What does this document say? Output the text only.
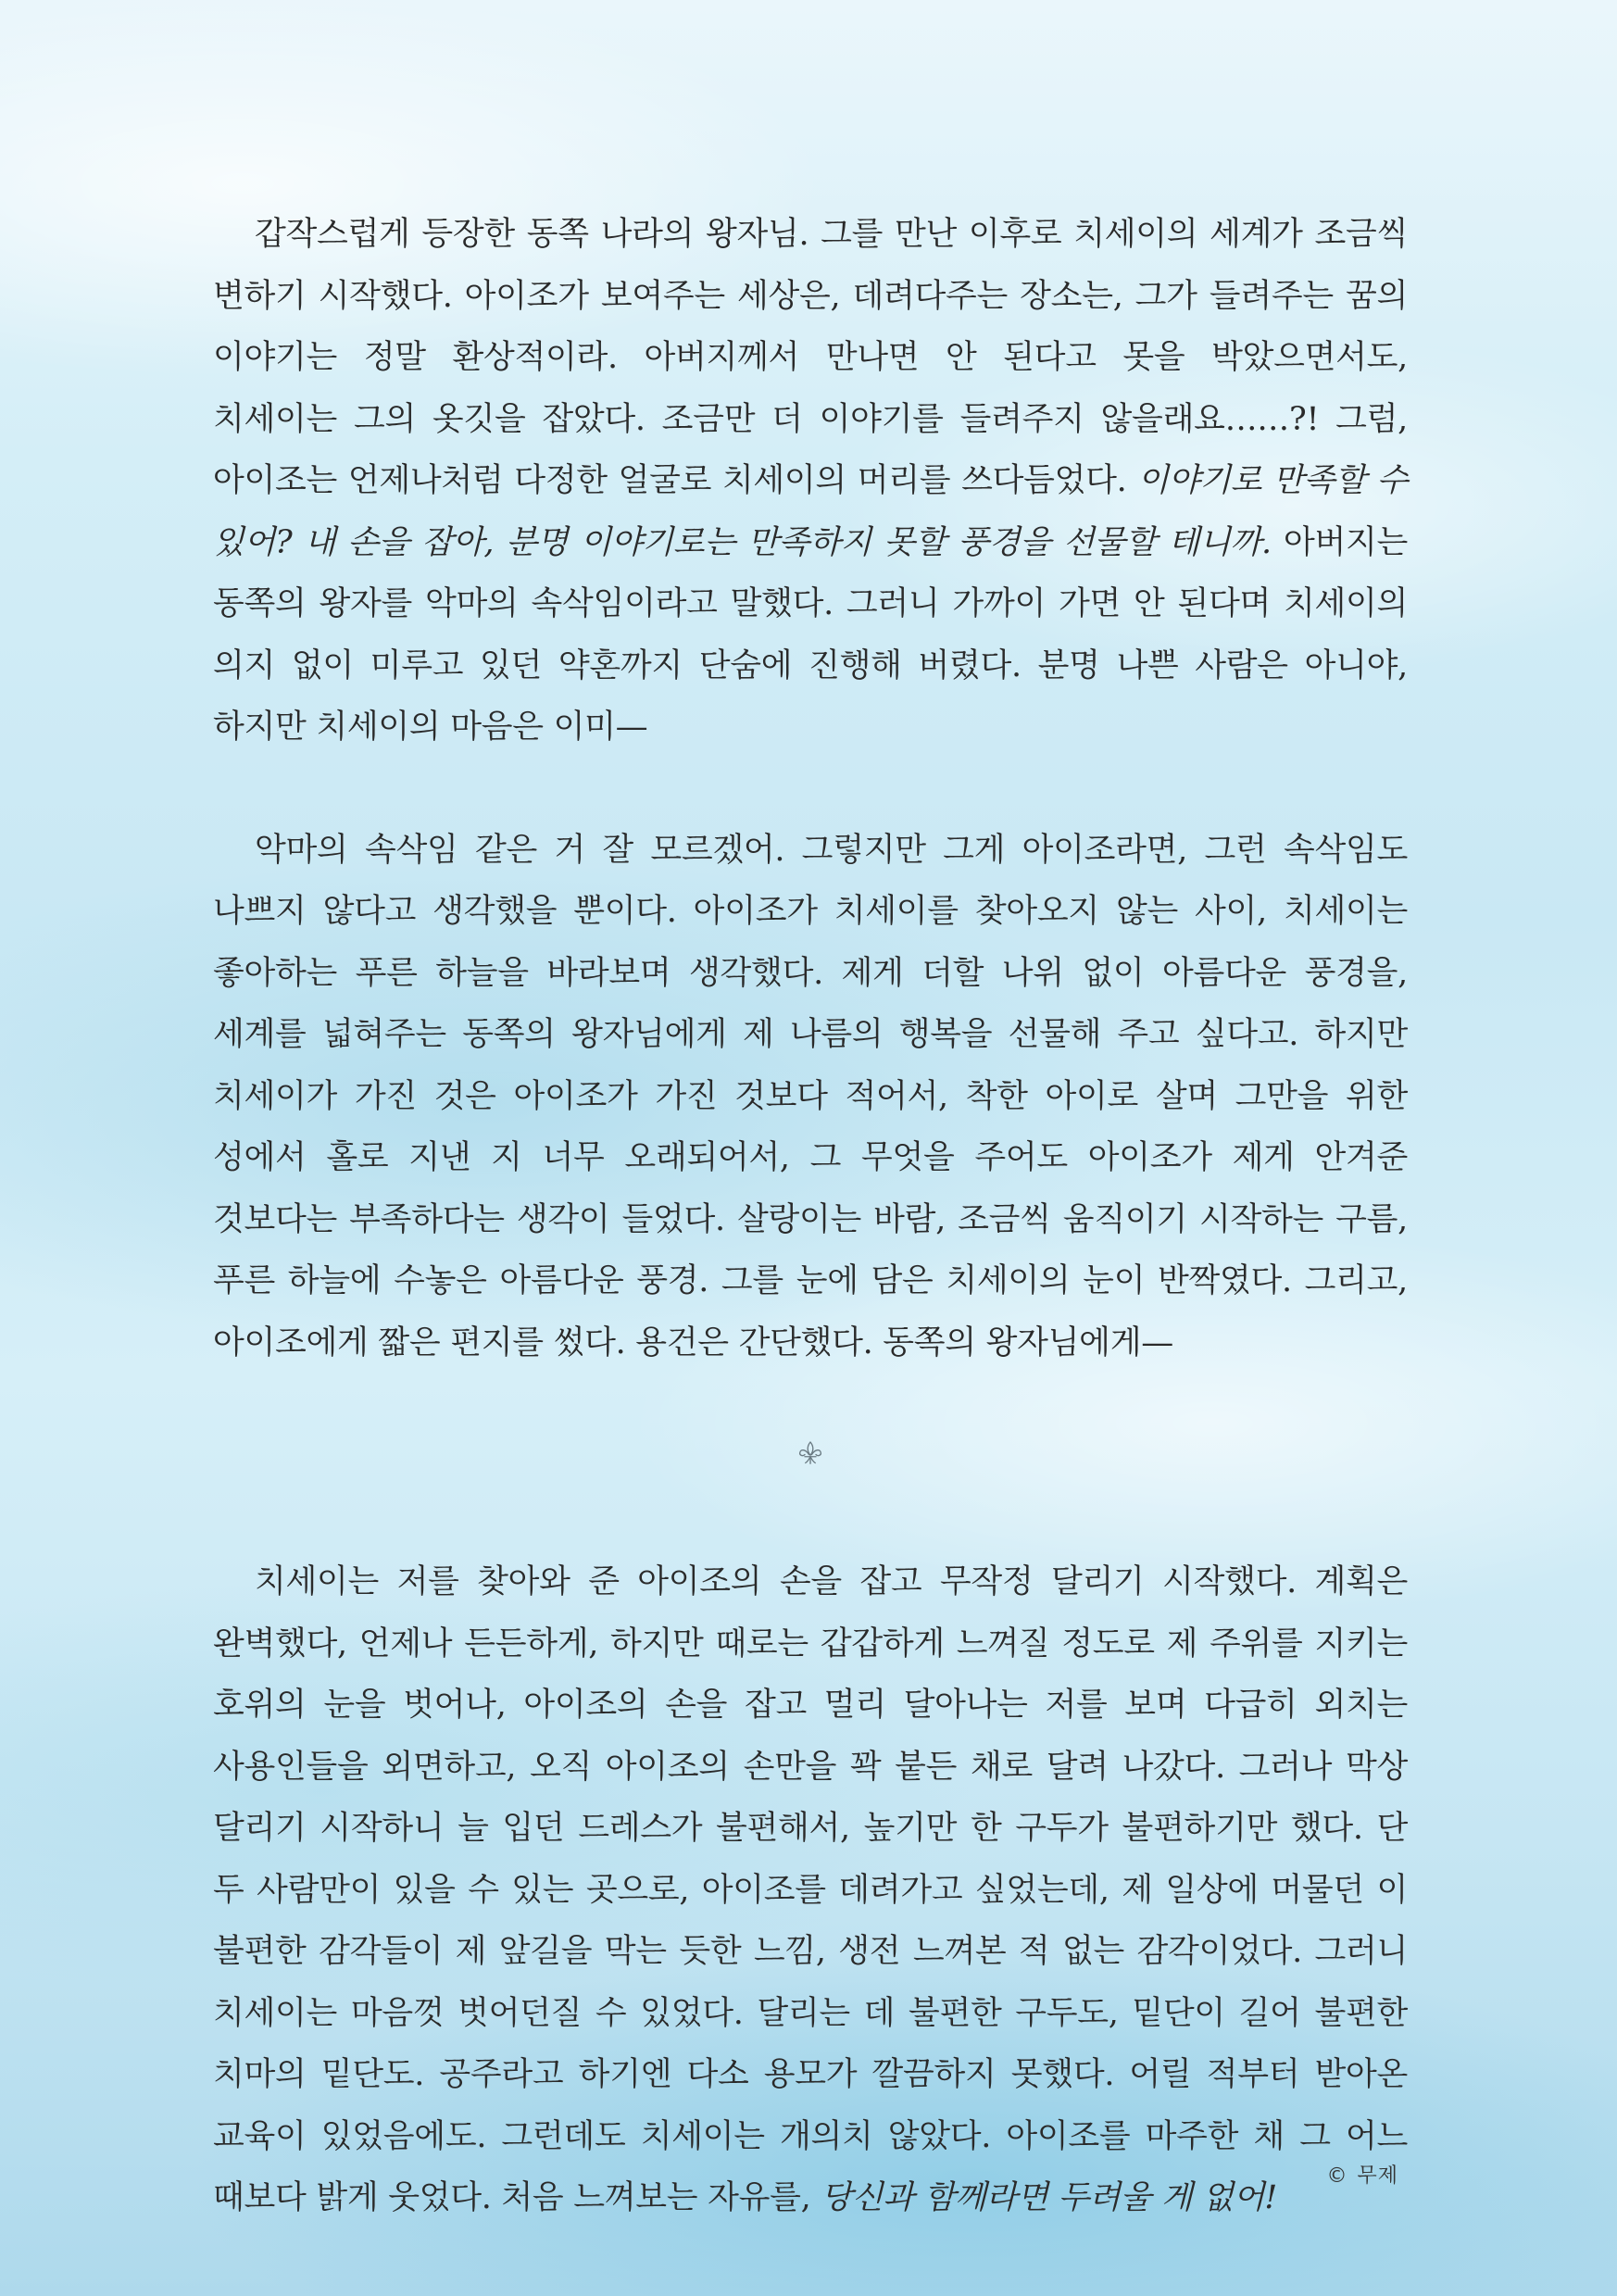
갑작스럽게 등장한 동쪽 나라의 왕자님. 그를 만난 이후로 치세이의 세계가 조금씩 변하기 시작했다. 아이조가 보여주는 세상은, 데려다주는 장소는, 그가 들려주는 꿈의 이야기는 정말 환상적이라. 아버지께서 만나면 안 된다고 못을 박았으면서도, 치세이는 그의 옷깃을 잡았다. 조금만 더 이야기를 들려주지 않을래요……?! 그럼, 아이조는 언제나처럼 다정한 얼굴로 치세이의 머리를 쓰다듬었다. 이야기로 만족할 수 있어? 내 손을 잡아, 분명 이야기로는 만족하지 못할 풍경을 선물할 테니까. 아버지는 동쪽의 왕자를 악마의 속삭임이라고 말했다. 그러니 가까이 가면 안 된다며 치세이의 의지 없이 미루고 있던 약혼까지 단숨에 진행해 버렸다. 분명 나쁜 사람은 아니야, 하지만 치세이의 마음은 이미—

악마의 속삭임 같은 거 잘 모르겠어. 그렇지만 그게 아이조라면, 그런 속삭임도 나쁘지 않다고 생각했을 뿐이다. 아이조가 치세이를 찾아오지 않는 사이, 치세이는 좋아하는 푸른 하늘을 바라보며 생각했다. 제게 더할 나위 없이 아름다운 풍경을, 세계를 넓혀주는 동쪽의 왕자님에게 제 나름의 행복을 선물해 주고 싶다고. 하지만 치세이가 가진 것은 아이조가 가진 것보다 적어서, 착한 아이로 살며 그만을 위한 성에서 홀로 지낸 지 너무 오래되어서, 그 무엇을 주어도 아이조가 제게 안겨준 것보다는 부족하다는 생각이 들었다. 살랑이는 바람, 조금씩 움직이기 시작하는 구름, 푸른 하늘에 수놓은 아름다운 풍경. 그를 눈에 담은 치세이의 눈이 반짝였다. 그리고, 아이조에게 짧은 편지를 썼다. 용건은 간단했다. 동쪽의 왕자님에게—

치세이는 저를 찾아와 준 아이조의 손을 잡고 무작정 달리기 시작했다. 계획은 완벽했다, 언제나 든든하게, 하지만 때로는 갑갑하게 느껴질 정도로 제 주위를 지키는 호위의 눈을 벗어나, 아이조의 손을 잡고 멀리 달아나는 저를 보며 다급히 외치는 사용인들을 외면하고, 오직 아이조의 손만을 꽉 붙든 채로 달려 나갔다. 그러나 막상 달리기 시작하니 늘 입던 드레스가 불편해서, 높기만 한 구두가 불편하기만 했다. 단 두 사람만이 있을 수 있는 곳으로, 아이조를 데려가고 싶었는데, 제 일상에 머물던 이 불편한 감각들이 제 앞길을 막는 듯한 느낌, 생전 느껴본 적 없는 감각이었다. 그러니 치세이는 마음껏 벗어던질 수 있었다. 달리는 데 불편한 구두도, 밑단이 길어 불편한 치마의 밑단도. 공주라고 하기엔 다소 용모가 깔끔하지 못했다. 어릴 적부터 받아온 교육이 있었음에도. 그런데도 치세이는 개의치 않았다. 아이조를 마주한 채 그 어느 때보다 밝게 웃었다. 처음 느껴보는 자유를, 당신과 함께라면 두려울 게 없어!

© 무제
